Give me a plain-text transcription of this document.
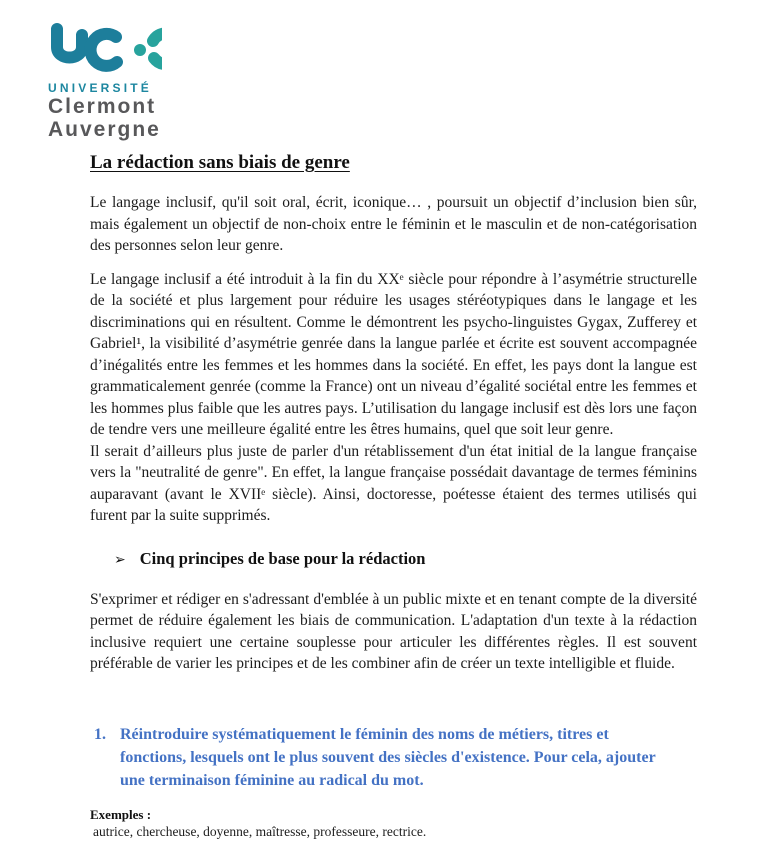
UNIVERSITÉ
Clermont
Auvergne
La rédaction sans biais de genre

Le langage inclusif, qu'il soit oral, écrit, iconique… , poursuit un objectif d’inclusion bien sûr, mais également un objectif de non-choix entre le féminin et le masculin et de non-catégorisation des personnes selon leur genre.

Le langage inclusif a été introduit à la fin du XXᵉ siècle pour répondre à l’asymétrie structurelle de la société et plus largement pour réduire les usages stéréotypiques dans le langage et les discriminations qui en résultent. Comme le démontrent les psycho-linguistes Gygax, Zufferey et Gabriel¹, la visibilité d’asymétrie genrée dans la langue parlée et écrite est souvent accompagnée d’inégalités entre les femmes et les hommes dans la société. En effet, les pays dont la langue est grammaticalement genrée (comme la France) ont un niveau d’égalité sociétal entre les femmes et les hommes plus faible que les autres pays. L’utilisation du langage inclusif est dès lors une façon de tendre vers une meilleure égalité entre les êtres humains, quel que soit leur genre.
Il serait d’ailleurs plus juste de parler d'un rétablissement d'un état initial de la langue française vers la "neutralité de genre". En effet, la langue française possédait davantage de termes féminins auparavant (avant le XVIIᵉ siècle). Ainsi, doctoresse, poétesse étaient des termes utilisés qui furent par la suite supprimés.

➢ Cinq principes de base pour la rédaction

S'exprimer et rédiger en s'adressant d'emblée à un public mixte et en tenant compte de la diversité permet de réduire également les biais de communication. L'adaptation d'un texte à la rédaction inclusive requiert une certaine souplesse pour articuler les différentes règles. Il est souvent préférable de varier les principes et de les combiner afin de créer un texte intelligible et fluide.

1. Réintroduire systématiquement le féminin des noms de métiers, titres et fonctions, lesquels ont le plus souvent des siècles d'existence. Pour cela, ajouter une terminaison féminine au radical du mot.
Exemples :
autrice, chercheuse, doyenne, maîtresse, professeure, rectrice.
